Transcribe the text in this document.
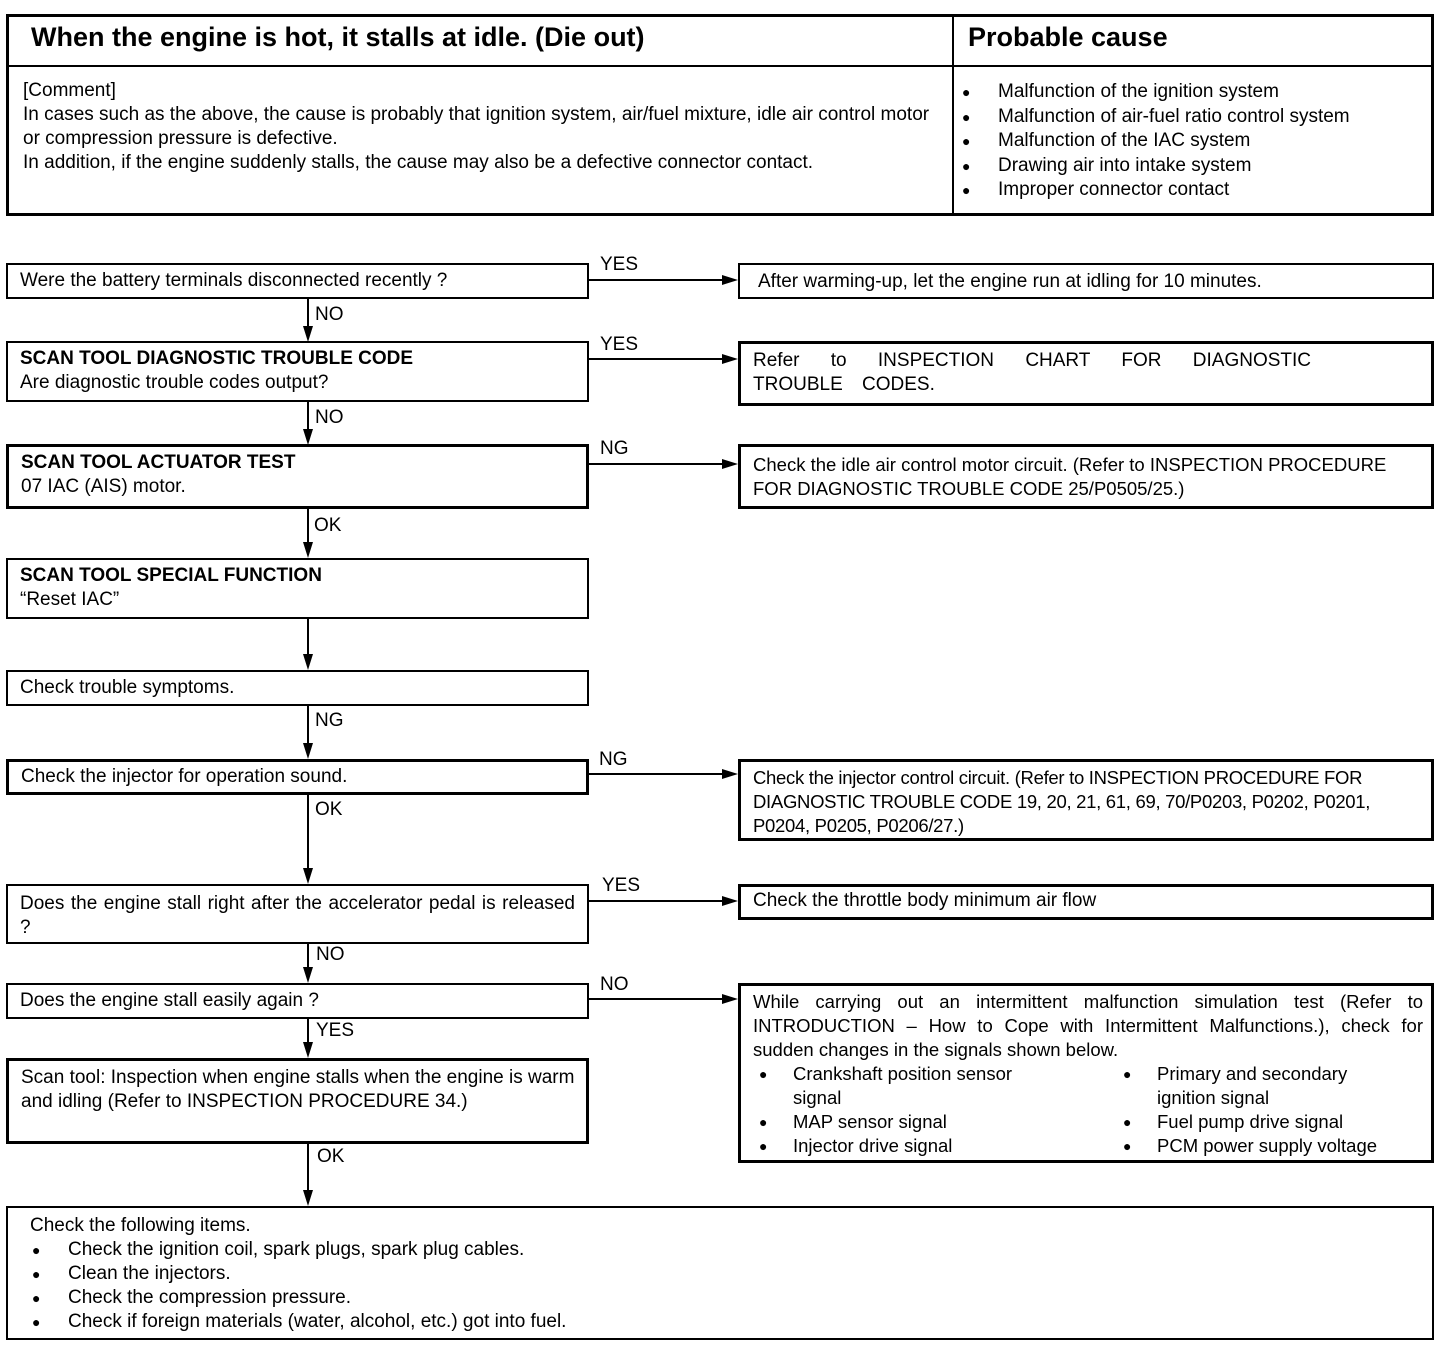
When the engine is hot, it stalls at idle. (Die out)	Probable cause
[Comment]
In cases such as the above, the cause is probably that ignition system, air/fuel mixture, idle air control motor or compression pressure is defective.
In addition, if the engine suddenly stalls, the cause may also be a defective connector contact.
● Malfunction of the ignition system
● Malfunction of air-fuel ratio control system
● Malfunction of the IAC system
● Drawing air into intake system
● Improper connector contact
Were the battery terminals disconnected recently ?
SCAN TOOL DIAGNOSTIC TROUBLE CODE
Are diagnostic trouble codes output?
SCAN TOOL ACTUATOR TEST
07 IAC (AIS) motor.
SCAN TOOL SPECIAL FUNCTION
“Reset IAC”
Check trouble symptoms.
Check the injector for operation sound.
Does the engine stall right after the accelerator pedal is released ?
Does the engine stall easily again ?
Scan tool: Inspection when engine stalls when the engine is warm and idling (Refer to INSPECTION PROCEDURE 34.)
NO
NO
OK
NG
OK
NO
YES
OK
YES
YES
NG
NG
YES
NO
After warming-up, let the engine run at idling for 10 minutes.
Refer to INSPECTION CHART FOR DIAGNOSTIC TROUBLE CODES.
Check the idle air control motor circuit. (Refer to INSPECTION PROCEDURE FOR DIAGNOSTIC TROUBLE CODE 25/P0505/25.)
Check the injector control circuit. (Refer to INSPECTION PROCEDURE FOR DIAGNOSTIC TROUBLE CODE 19, 20, 21, 61, 69, 70/P0203, P0202, P0201, P0204, P0205, P0206/27.)
Check the throttle body minimum air flow
While carrying out an intermittent malfunction simulation test (Refer to INTRODUCTION – How to Cope with Intermittent Malfunctions.), check for sudden changes in the signals shown below.
● Crankshaft position sensor signal
● MAP sensor signal
● Injector drive signal
● Primary and secondary ignition signal
● Fuel pump drive signal
● PCM power supply voltage
Check the following items.
● Check the ignition coil, spark plugs, spark plug cables.
● Clean the injectors.
● Check the compression pressure.
● Check if foreign materials (water, alcohol, etc.) got into fuel.
